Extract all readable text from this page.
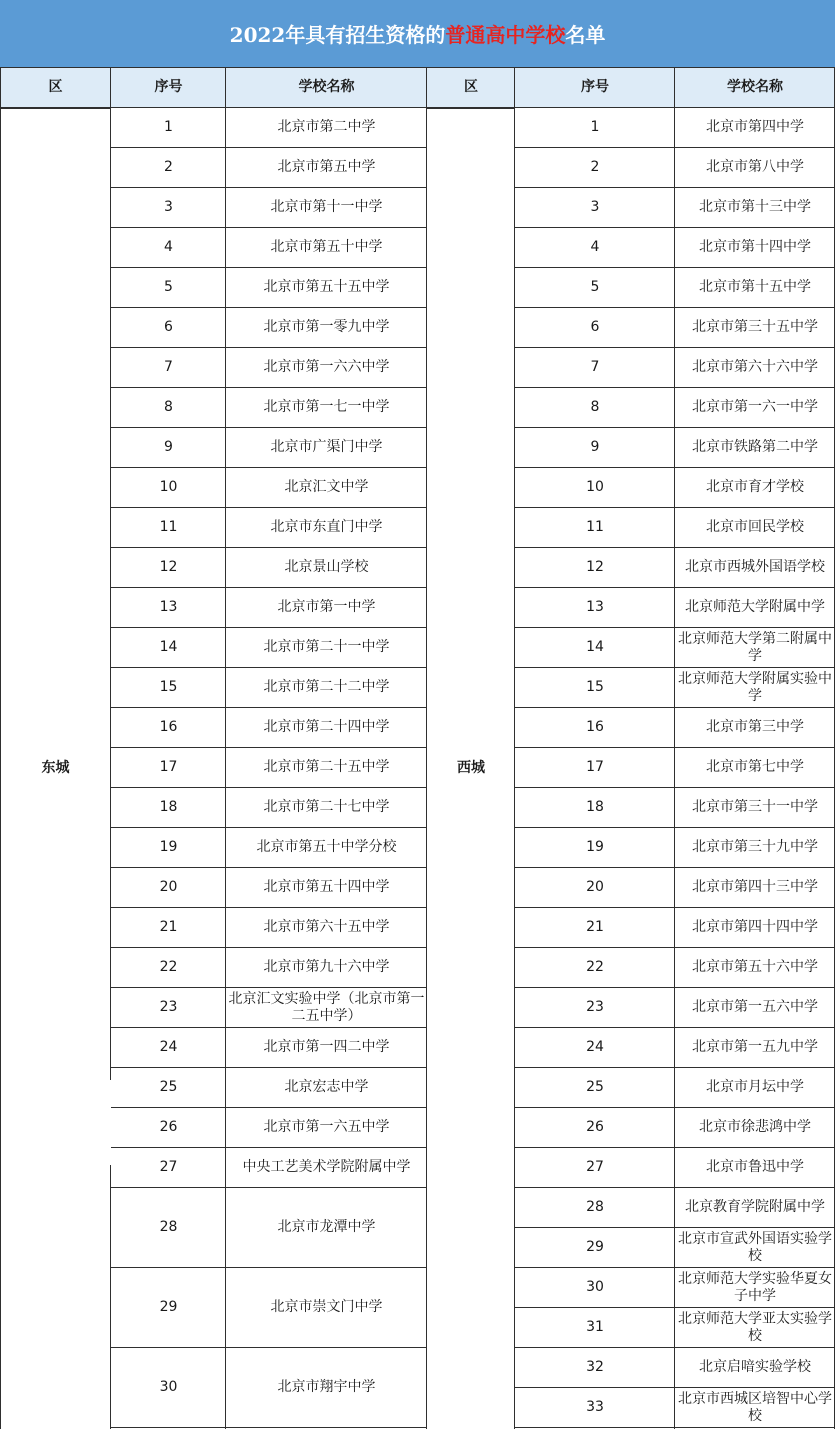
2022年具有招生资格的 普通高中学校 名单
区
东城
序号
1
2
3
4
5
6
7
8
9
10
11
12
13
14
15
16
17
18
19
20
21
22
23
24
25
26
27
28
29
30
学校名称
北京市第二中学
北京市第五中学
北京市第十一中学
北京市第五十中学
北京市第五十五中学
北京市第一零九中学
北京市第一六六中学
北京市第一七一中学
北京市广渠门中学
北京汇文中学
北京市东直门中学
北京景山学校
北京市第一中学
北京市第二十一中学
北京市第二十二中学
北京市第二十四中学
北京市第二十五中学
北京市第二十七中学
北京市第五十中学分校
北京市第五十四中学
北京市第六十五中学
北京市第九十六中学
北京汇文实验中学（北京市第一二五中学）
北京市第一四二中学
北京宏志中学
北京市第一六五中学
中央工艺美术学院附属中学
北京市龙潭中学
北京市崇文门中学
北京市翔宇中学
区
西城
序号
1
2
3
4
5
6
7
8
9
10
11
12
13
14
15
16
17
18
19
20
21
22
23
24
25
26
27
28
29
30
31
32
33
学校名称
北京市第四中学
北京市第八中学
北京市第十三中学
北京市第十四中学
北京市第十五中学
北京市第三十五中学
北京市第六十六中学
北京市第一六一中学
北京市铁路第二中学
北京市育才学校
北京市回民学校
北京市西城外国语学校
北京师范大学附属中学
北京师范大学第二附属中学
北京师范大学附属实验中学
北京市第三中学
北京市第七中学
北京市第三十一中学
北京市第三十九中学
北京市第四十三中学
北京市第四十四中学
北京市第五十六中学
北京市第一五六中学
北京市第一五九中学
北京市月坛中学
北京市徐悲鸿中学
北京市鲁迅中学
北京教育学院附属中学
北京市宣武外国语实验学校
北京师范大学实验华夏女子中学
北京师范大学亚太实验学校
北京启喑实验学校
北京市西城区培智中心学校
